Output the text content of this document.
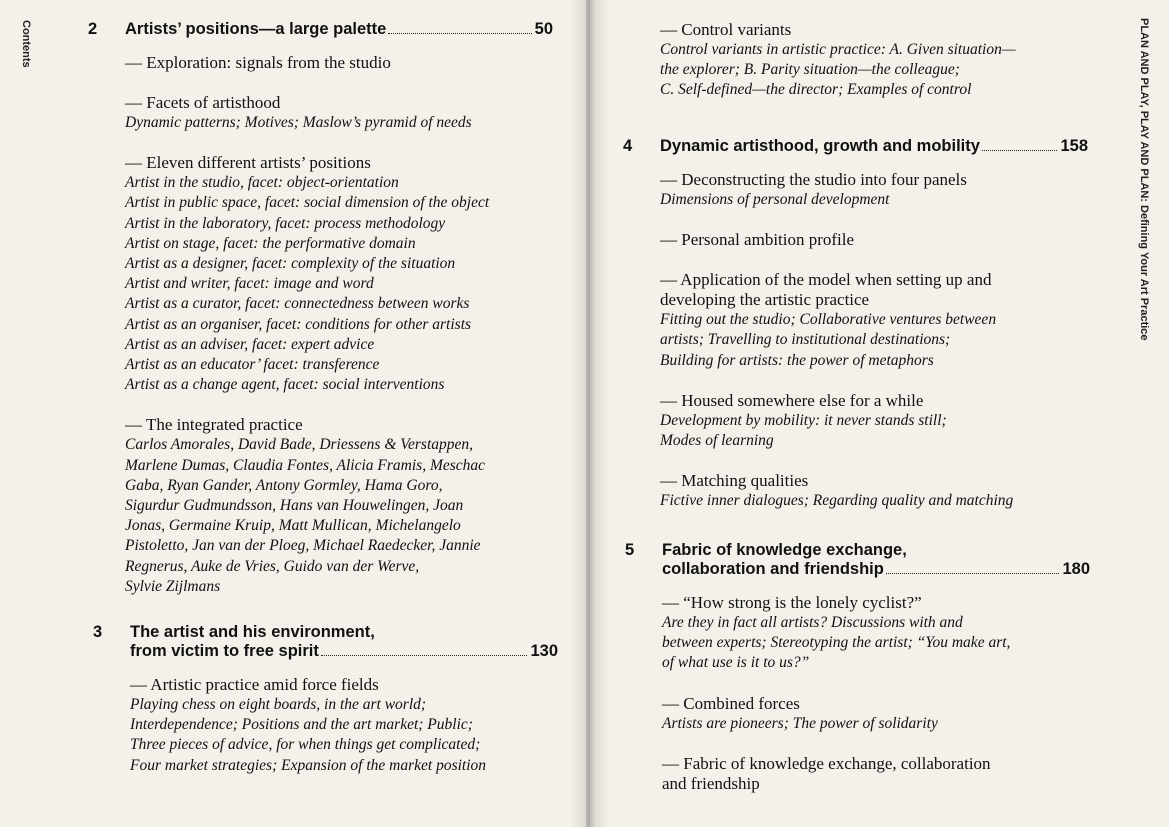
Contents	PLAN AND PLAY, PLAY AND PLAN: Defining Your Art Practice
2 Artists’ positions—a large palette	50
— Exploration: signals from the studio
— Facets of artisthood
Dynamic patterns; Motives; Maslow’s pyramid of needs
— Eleven different artists’ positions
Artist in the studio, facet: object-orientation
Artist in public space, facet: social dimension of the object
Artist in the laboratory, facet: process methodology
Artist on stage, facet: the performative domain
Artist as a designer, facet: complexity of the situation
Artist and writer, facet: image and word
Artist as a curator, facet: connectedness between works
Artist as an organiser, facet: conditions for other artists
Artist as an adviser, facet: expert advice
Artist as an educator’ facet: transference
Artist as a change agent, facet: social interventions
— The integrated practice
Carlos Amorales, David Bade, Driessens & Verstappen,
Marlene Dumas, Claudia Fontes, Alicia Framis, Meschac
Gaba, Ryan Gander, Antony Gormley, Hama Goro,
Sigurdur Gudmundsson, Hans van Houwelingen, Joan
Jonas, Germaine Kruip, Matt Mullican, Michelangelo
Pistoletto, Jan van der Ploeg, Michael Raedecker, Jannie
Regnerus, Auke de Vries, Guido van der Werve,
Sylvie Zijlmans
3 The artist and his environment,
from victim to free spirit	130
— Artistic practice amid force fields
Playing chess on eight boards, in the art world;
Interdependence; Positions and the art market; Public;
Three pieces of advice, for when things get complicated;
Four market strategies; Expansion of the market position
— Control variants
Control variants in artistic practice: A. Given situation—
the explorer; B. Parity situation—the colleague;
C. Self-defined—the director; Examples of control
4 Dynamic artisthood, growth and mobility	158
— Deconstructing the studio into four panels
Dimensions of personal development
— Personal ambition profile
— Application of the model when setting up and
developing the artistic practice
Fitting out the studio; Collaborative ventures between
artists; Travelling to institutional destinations;
Building for artists: the power of metaphors
— Housed somewhere else for a while
Development by mobility: it never stands still;
Modes of learning
— Matching qualities
Fictive inner dialogues; Regarding quality and matching
5 Fabric of knowledge exchange,
collaboration and friendship	180
— “How strong is the lonely cyclist?”
Are they in fact all artists? Discussions with and
between experts; Stereotyping the artist; “You make art,
of what use is it to us?”
— Combined forces
Artists are pioneers; The power of solidarity
— Fabric of knowledge exchange, collaboration
and friendship
